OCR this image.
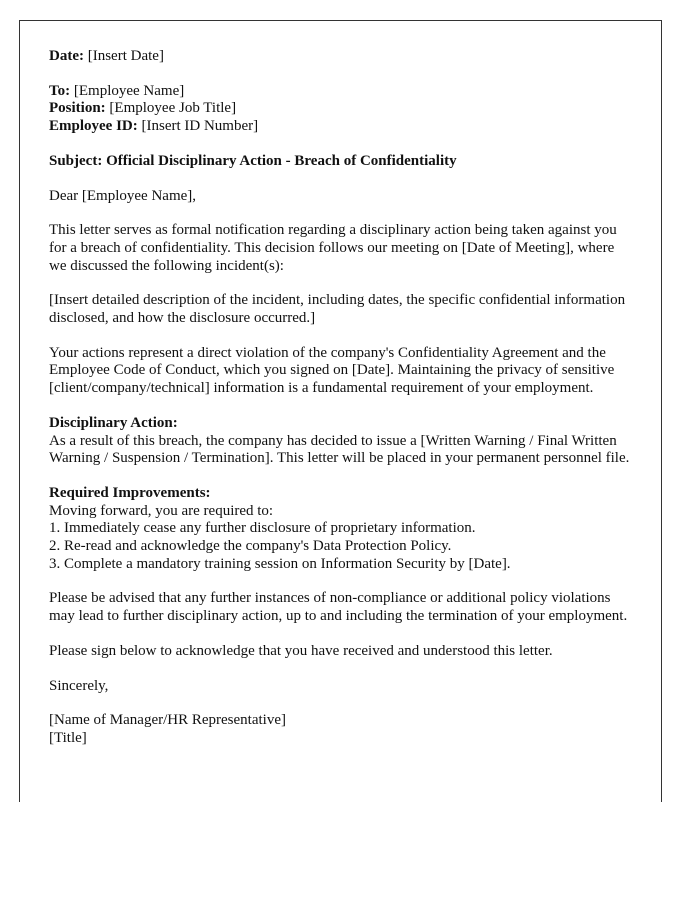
Date: [Insert Date]

To: [Employee Name]
Position: [Employee Job Title]
Employee ID: [Insert ID Number]

Subject: Official Disciplinary Action - Breach of Confidentiality

Dear [Employee Name],

This letter serves as formal notification regarding a disciplinary action being taken against you for a breach of confidentiality. This decision follows our meeting on [Date of Meeting], where we discussed the following incident(s):

[Insert detailed description of the incident, including dates, the specific confidential information disclosed, and how the disclosure occurred.]

Your actions represent a direct violation of the company's Confidentiality Agreement and the Employee Code of Conduct, which you signed on [Date]. Maintaining the privacy of sensitive [client/company/technical] information is a fundamental requirement of your employment.

Disciplinary Action:
As a result of this breach, the company has decided to issue a [Written Warning / Final Written Warning / Suspension / Termination]. This letter will be placed in your permanent personnel file.

Required Improvements:
Moving forward, you are required to:
1. Immediately cease any further disclosure of proprietary information.
2. Re-read and acknowledge the company's Data Protection Policy.
3. Complete a mandatory training session on Information Security by [Date].

Please be advised that any further instances of non-compliance or additional policy violations may lead to further disciplinary action, up to and including the termination of your employment.

Please sign below to acknowledge that you have received and understood this letter.

Sincerely,

[Name of Manager/HR Representative]
[Title]
